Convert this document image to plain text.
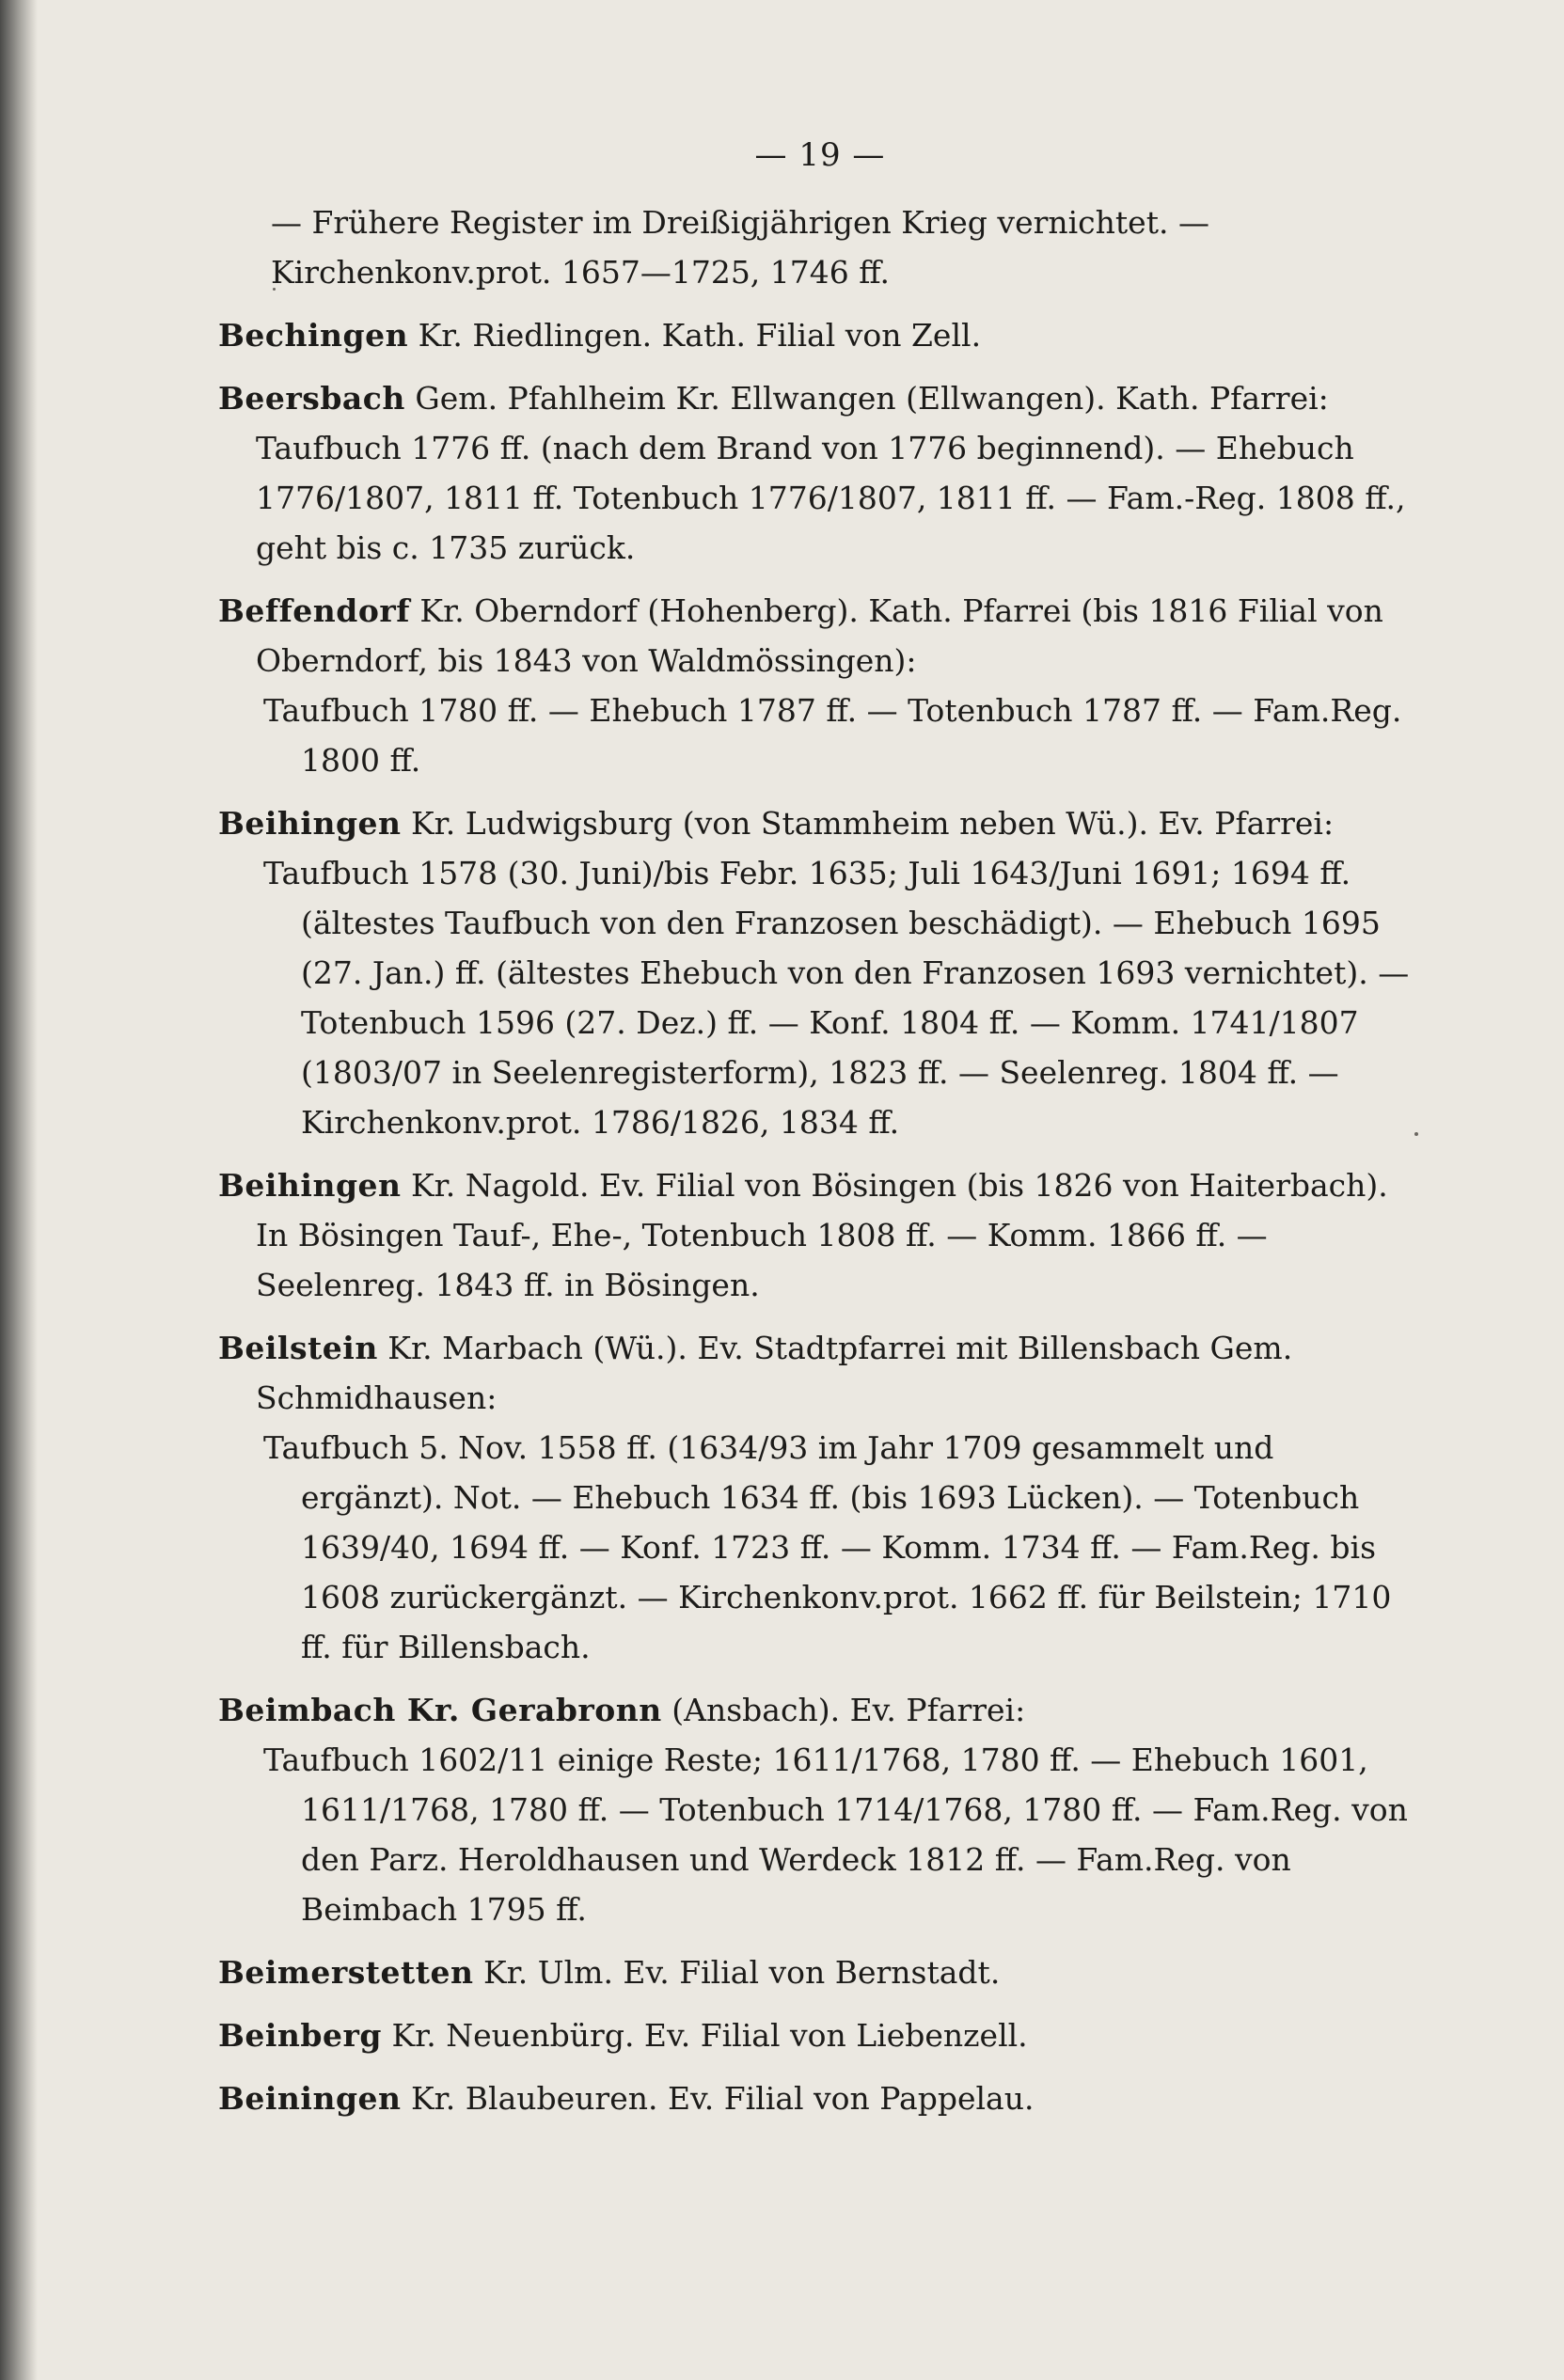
— 19 —

— Frühere Register im Dreißigjährigen Krieg vernichtet. —

Kirchenkonv.prot. 1657—1725, 1746 ff.

Bechingen Kr. Riedlingen. Kath. Filial von Zell.

Beersbach Gem. Pfahlheim Kr. Ellwangen (Ellwangen). Kath. Pfarrei: Taufbuch 1776 ff. (nach dem Brand von 1776 beginnend). — Ehebuch 1776/1807, 1811 ff. Totenbuch 1776/1807, 1811 ff. — Fam.-Reg. 1808 ff., geht bis c. 1735 zurück.

Beffendorf Kr. Oberndorf (Hohenberg). Kath. Pfarrei (bis 1816 Filial von Oberndorf, bis 1843 von Waldmössingen):

Taufbuch 1780 ff. — Ehebuch 1787 ff. — Totenbuch 1787 ff. — Fam.Reg. 1800 ff.

Beihingen Kr. Ludwigsburg (von Stammheim neben Wü.). Ev. Pfarrei:

Taufbuch 1578 (30. Juni)/bis Febr. 1635; Juli 1643/Juni 1691; 1694 ff. (ältestes Taufbuch von den Franzosen beschädigt). — Ehebuch 1695 (27. Jan.) ff. (ältestes Ehebuch von den Franzosen 1693 vernichtet). — Totenbuch 1596 (27. Dez.) ff. — Konf. 1804 ff. — Komm. 1741/1807 (1803/07 in Seelenregisterform), 1823 ff. — Seelenreg. 1804 ff. — Kirchenkonv.prot. 1786/1826, 1834 ff.

Beihingen Kr. Nagold. Ev. Filial von Bösingen (bis 1826 von Haiterbach). In Bösingen Tauf-, Ehe-, Totenbuch 1808 ff. — Komm. 1866 ff. — Seelenreg. 1843 ff. in Bösingen.

Beilstein Kr. Marbach (Wü.). Ev. Stadtpfarrei mit Billensbach Gem. Schmidhausen:

Taufbuch 5. Nov. 1558 ff. (1634/93 im Jahr 1709 gesammelt und ergänzt). Not. — Ehebuch 1634 ff. (bis 1693 Lücken). — Totenbuch 1639/40, 1694 ff. — Konf. 1723 ff. — Komm. 1734 ff. — Fam.Reg. bis 1608 zurückergänzt. — Kirchenkonv.prot. 1662 ff. für Beilstein; 1710 ff. für Billensbach.

Beimbach Kr. Gerabronn (Ansbach). Ev. Pfarrei:

Taufbuch 1602/11 einige Reste; 1611/1768, 1780 ff. — Ehebuch 1601, 1611/1768, 1780 ff. — Totenbuch 1714/1768, 1780 ff. — Fam.Reg. von den Parz. Heroldhausen und Werdeck 1812 ff. — Fam.Reg. von Beimbach 1795 ff.

Beimerstetten Kr. Ulm. Ev. Filial von Bernstadt.

Beinberg Kr. Neuenbürg. Ev. Filial von Liebenzell.

Beiningen Kr. Blaubeuren. Ev. Filial von Pappelau.
